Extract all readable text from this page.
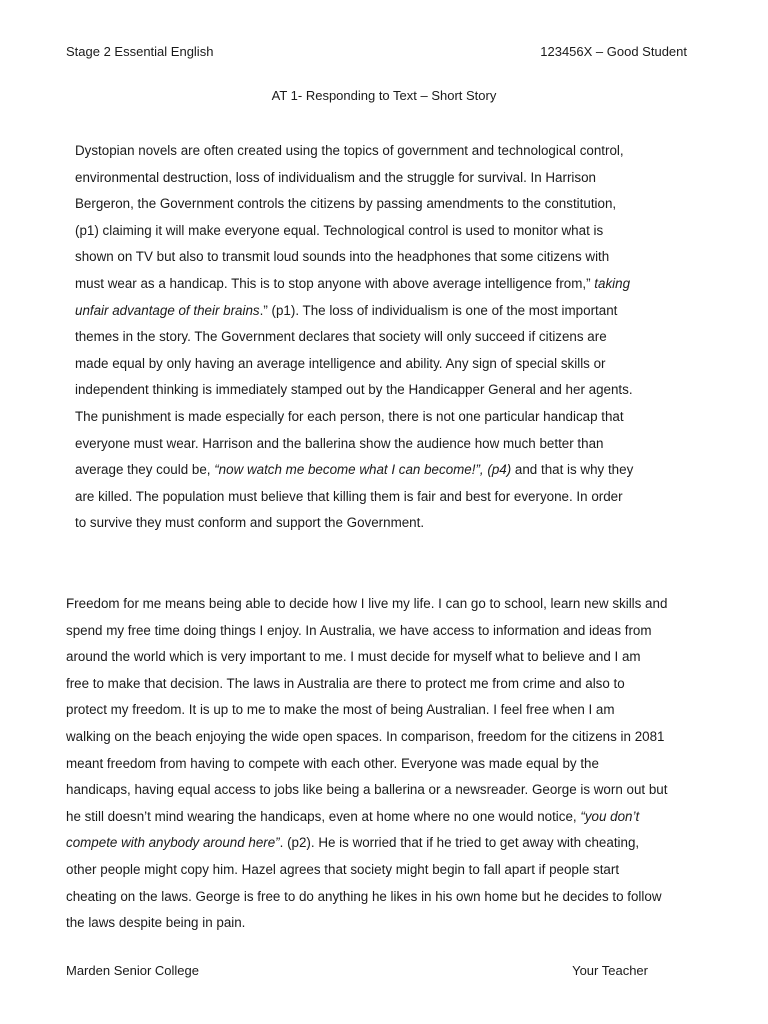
Stage 2 Essential English	123456X – Good Student
AT 1- Responding to Text – Short Story

Dystopian novels are often created using the topics of government and technological control,
environmental destruction, loss of individualism and the struggle for survival. In Harrison
Bergeron, the Government controls the citizens by passing amendments to the constitution,
(p1) claiming it will make everyone equal. Technological control is used to monitor what is
shown on TV but also to transmit loud sounds into the headphones that some citizens with
must wear as a handicap. This is to stop anyone with above average intelligence from,” taking
unfair advantage of their brains.” (p1). The loss of individualism is one of the most important
themes in the story. The Government declares that society will only succeed if citizens are
made equal by only having an average intelligence and ability. Any sign of special skills or
independent thinking is immediately stamped out by the Handicapper General and her agents.
The punishment is made especially for each person, there is not one particular handicap that
everyone must wear. Harrison and the ballerina show the audience how much better than
average they could be, “now watch me become what I can become!”, (p4) and that is why they
are killed. The population must believe that killing them is fair and best for everyone. In order
to survive they must conform and support the Government.

Freedom for me means being able to decide how I live my life. I can go to school, learn new skills and
spend my free time doing things I enjoy. In Australia, we have access to information and ideas from
around the world which is very important to me. I must decide for myself what to believe and I am
free to make that decision. The laws in Australia are there to protect me from crime and also to
protect my freedom. It is up to me to make the most of being Australian. I feel free when I am
walking on the beach enjoying the wide open spaces. In comparison, freedom for the citizens in 2081
meant freedom from having to compete with each other. Everyone was made equal by the
handicaps, having equal access to jobs like being a ballerina or a newsreader. George is worn out but
he still doesn’t mind wearing the handicaps, even at home where no one would notice, “you don’t
compete with anybody around here”. (p2). He is worried that if he tried to get away with cheating,
other people might copy him. Hazel agrees that society might begin to fall apart if people start
cheating on the laws. George is free to do anything he likes in his own home but he decides to follow
the laws despite being in pain.

Marden Senior College	Your Teacher
